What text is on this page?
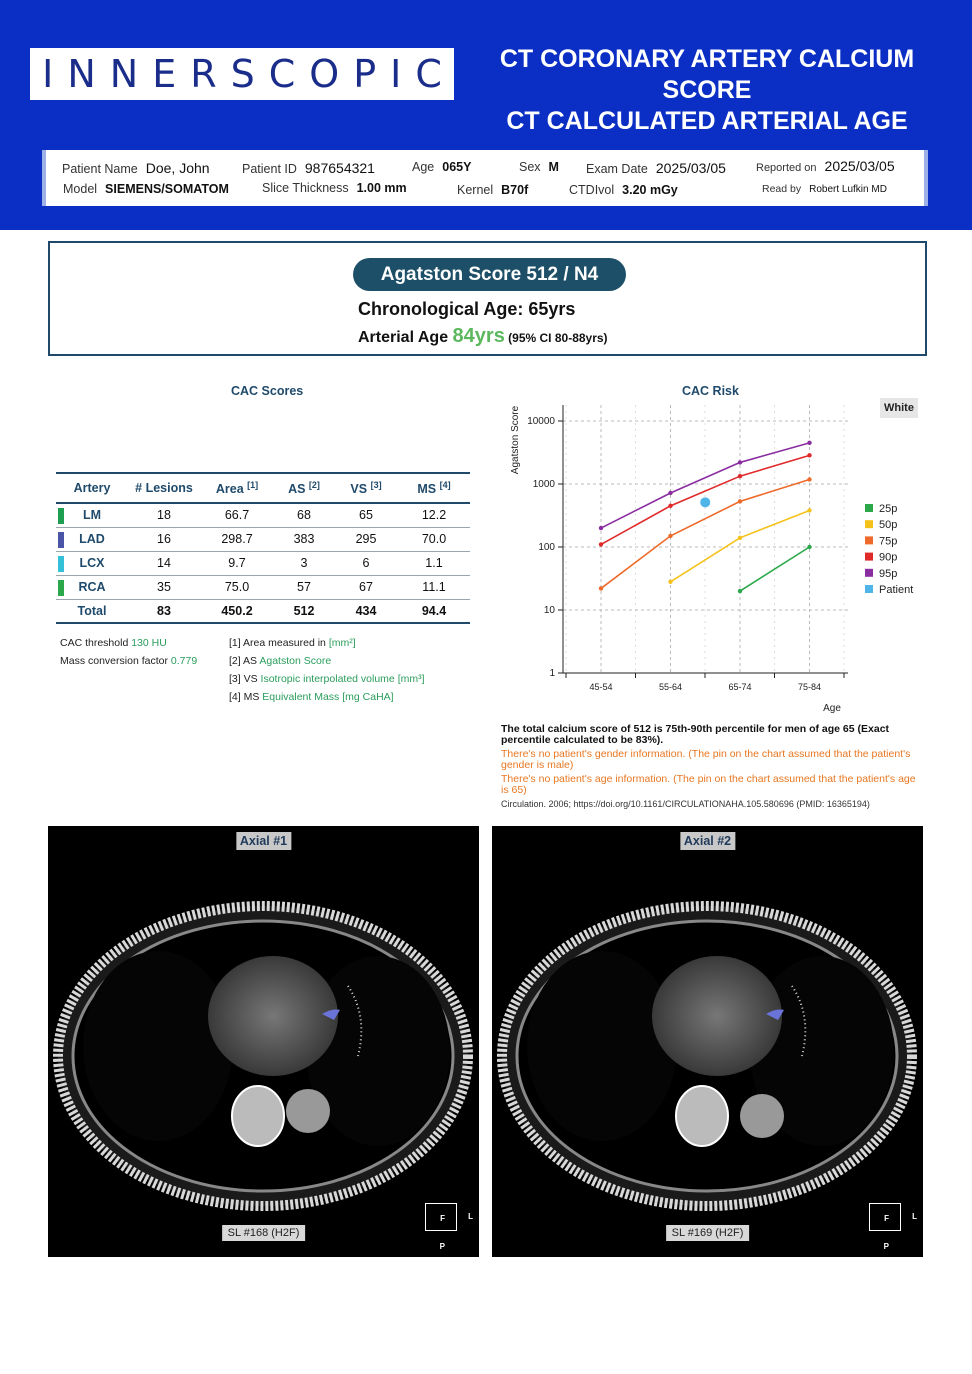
INNERSCOPIC	CT CORONARY ARTERY CALCIUM SCORE
CT CALCULATED ARTERIAL AGE
Patient Name Doe, John	Patient ID 987654321	Age 065Y	Sex M Exam Date 2025/03/05	Reported on 2025/03/05
Model SIEMENS/SOMATOM	Slice Thickness 1.00 mm	Kernel B70f	CTDIvol 3.20 mGy	Read by Robert Lufkin MD
Agatston Score 512 / N4
Chronological Age: 65yrs
Arterial Age 84yrs (95% CI 80-88yrs)
CAC Scores
Artery	# Lesions	Area [1]	AS [2]	VS [3]	MS [4]

LM	18	66.7	68	65	12.2

LAD	16	298.7	383	295	70.0

LCX	14	9.7	3	6	1.1

RCA	35	75.0	57	67	11.1
Total	83	450.2	512	434	94.4
CAC threshold 130 HU
Mass conversion factor 0.779
[1] Area measured in [mm²]
[2] AS Agatston Score
[3] VS Isotropic interpolated volume [mm³]
[4] MS Equivalent Mass [mg CaHA]
CAC Risk
White
1
10
100
1000
10000
45-54	55-64	65-74	75-84
Agatston Score
Age
25p
50p
75p
90p
95p
Patient
The total calcium score of 512 is 75th-90th percentile for men of age 65 (Exact percentile calculated to be 83%).
There's no patient's gender information. (The pin on the chart assumed that the patient's gender is male)
There's no patient's age information. (The pin on the chart assumed that the patient's age is 65)
Circulation. 2006; https://doi.org/10.1161/CIRCULATIONAHA.105.580696 (PMID: 16365194)
Axial #1
SL #168 (H2F)
F	L
P
Axial #2
SL #169 (H2F)
F	L
P
